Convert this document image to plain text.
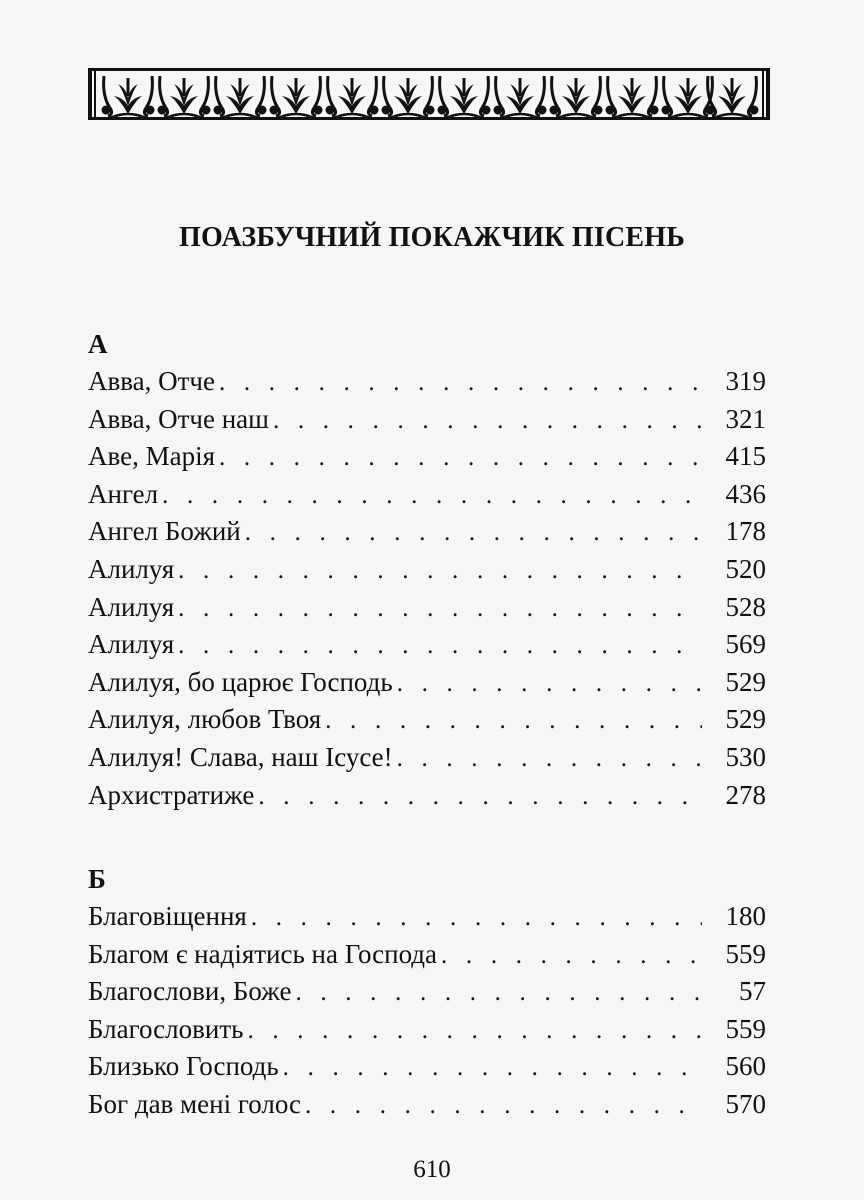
ПОАЗБУЧНИЙ ПОКАЖЧИК ПІСЕНЬ
А
Авва, Отче . . .	319
Авва, Отче наш . . .	321
Аве, Марія . . .	415
Ангел . . .	436
Ангел Божий . . .	178
Алилуя . . .	520
Алилуя . . .	528
Алилуя . . .	569
Алилуя, бо царює Господь . . .	529
Алилуя, любов Твоя . . .	529
Алилуя! Слава, наш Ісусе! . . .	530
Архистратиже . . .	278
Б
Благовіщення . . .	180
Благом є надіятись на Господа . . .	559
Благослови, Боже . . .	57
Благословить . . .	559
Близько Господь . . .	560
Бог дав мені голос . . .	570
610
